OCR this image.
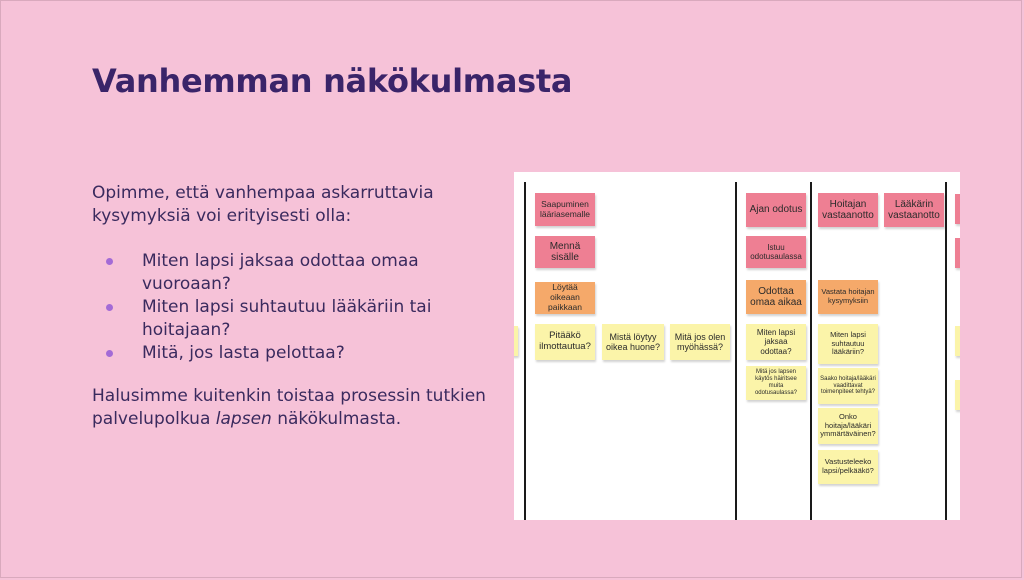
Vanhemman näkökulmasta

Opimme, että vanhempaa askarruttavia kysymyksiä voi erityisesti olla:

Miten lapsi jaksaa odottaa omaa vuoroaan?
Miten lapsi suhtautuu lääkäriin tai hoitajaan?
Mitä, jos lasta pelottaa?

Halusimme kuitenkin toistaa prosessin tutkien palvelupolkua lapsen näkökulmasta.

Saapuminen lääriasemalle
Mennä sisälle
Löytää oikeaan paikkaan
Pitääkö ilmottautua?
Mistä löytyy oikea huone?
Mitä jos olen myöhässä?
Ajan odotus
Istuu odotusaulassa
Odottaa omaa aikaa
Miten lapsi jaksaa odottaa?
Mitä jos lapsen käytös häiritsee muita odotusaulassa?
Hoitajan vastaanotto
Lääkärin vastaanotto
Vastata hoitajan kysymyksiin
Miten lapsi suhtautuu lääkäriin?
Saako hoitaja/lääkäri vaadittavat toimenpiteet tehtyä?
Onko hoitaja/lääkäri ymmärtäväinen?
Vastusteleeko lapsi/pelkääkö?
